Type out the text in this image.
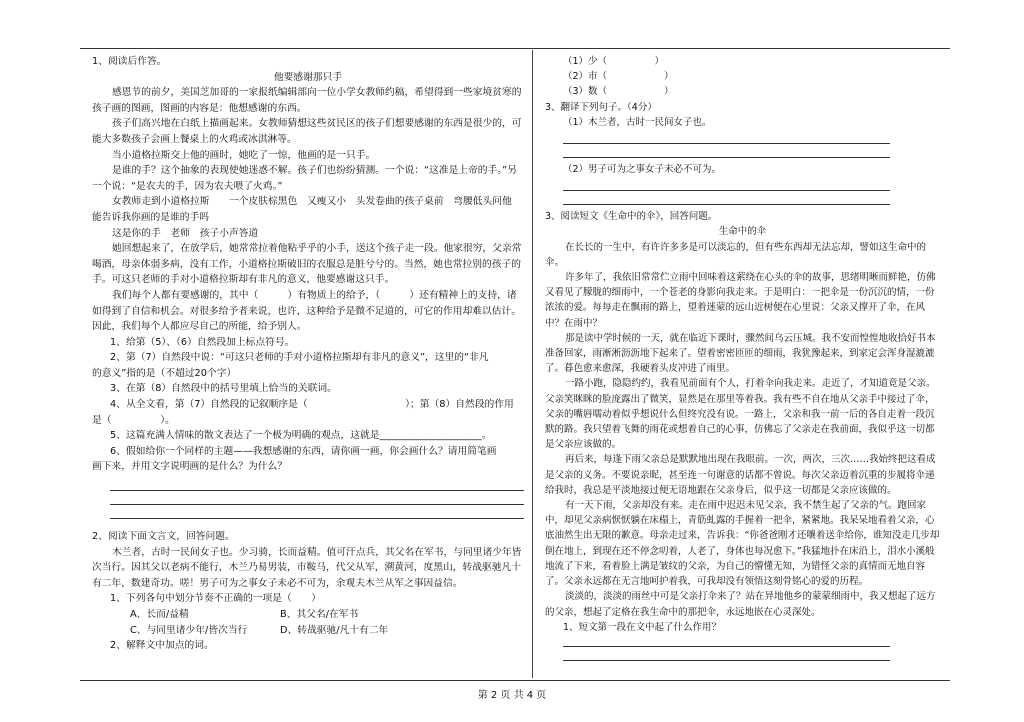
1、阅读后作答。

他要感谢那只手

感恩节的前夕，美国芝加哥的一家报纸编辑部向一位小学女教师约稿，希望得到一些家境贫寒的孩子画的图画，图画的内容是：他想感谢的东西。

孩子们高兴地在白纸上描画起来。女教师猜想这些贫民区的孩子们想要感谢的东西是很少的，可能大多数孩子会画上餐桌上的火鸡或冰淇淋等。

当小道格拉斯交上他的画时，她吃了一惊，他画的是一只手。

是谁的手？这个抽象的表现使她迷惑不解。孩子们也纷纷猜测。一个说：“这准是上帝的手。”另一个说：“是农夫的手，因为农夫喂了火鸡。”

女教师走到小道格拉斯　　一个皮肤棕黑色　又瘦又小　头发卷曲的孩子桌前　弯腰低头问他　　能告诉我你画的是谁的手吗

这是你的手　老师　孩子小声答道

她回想起来了，在放学后，她常常拉着他粘乎乎的小手，送这个孩子走一段。他家很穷，父亲常喝酒，母亲体弱多病，没有工作，小道格拉斯破旧的衣服总是脏兮兮的。当然，她也常拉别的孩子的手。可这只老师的手对小道格拉斯却有非凡的意义，他要感谢这只手。

我们每个人都有要感谢的，其中（　　　）有物质上的给予，（　　　）还有精神上的支持，诸如得到了自信和机会。对很多给予者来说，也许，这种给予是微不足道的，可它的作用却难以估计。因此，我们每个人都应尽自己的所能，给予别人。

1、给第（5）、（6）自然段加上标点符号。

2、第（7）自然段中说：“可这只老师的手对小道格拉斯却有非凡的意义”，这里的“非凡

的意义”指的是（不超过20个字）

3、在第（8）自然段中的括号里填上恰当的关联词。

4、从全文看，第（7）自然段的记叙顺序是（　　　　　　　　　　）；第（8）自然段的作用

是（　　　　　）。

5、这篇充满人情味的散文表达了一个极为明确的观点，这就是_____________________。

6、假如给你一个同样的主题——我想感谢的东西，请你画一画，你会画什么？请用简笔画

画下来，并用文字说明画的是什么？为什么？

2、阅读下面文言文，回答问题。

木兰者，古时一民间女子也。少习骑，长而益精。值可汗点兵，其父名在军书，与同里诸少年皆次当行。因其父以老病不能行，木兰乃易男装，市鞍马，代父从军，溯黄河，度黑山，转战驱驰凡十有二年，数建奇功。嗟！男子可为之事女子未必不可为，余观夫木兰从军之事因益信。

1、下列各句中划分节奏不正确的一项是（　　）

A、长而/益精	B、其父名/在军书

C、与同里诸少年/皆次当行	D、转战驱驰/凡十有二年

2、解释文中加点的词。

（1）少（　　　　　）

（2）市（　　　　　　）

（3）数（　　　　　　）

3、翻译下列句子。（4分）

（1）木兰者，古时一民间女子也。

（2）男子可为之事女子未必不可为。

3、阅读短文《生命中的伞》，回答问题。

生命中的伞

在长长的一生中，有许许多多是可以淡忘的，但有些东西却无法忘却，譬如这生命中的伞。

许多年了，我依旧常常伫立雨中回味着这萦绕在心头的伞的故事，思绪明晰而鲜艳，仿佛又看见了朦胧的细雨中，一个苍老的身影向我走来。于是明白：一把伞是一份沉沉的情，一份浓浓的爱。每每走在飘雨的路上，望着迷蒙的远山近树便在心里说：父亲又撑开了伞，在风中？在雨中？

那是读中学时候的一天，就在临近下课时，骤然间乌云压城。我不安而惶惶地收拾好书本准备回家，雨淅淅沥沥地下起来了。望着密密匝匝的细雨，我犹豫起来，到家定会浑身湿漉漉了。暮色愈来愈深，我硬着头皮冲进了雨里。

一路小跑，隐隐约约，我看见前面有个人，打着伞向我走来。走近了，才知道竟是父亲。父亲笑眯眯的脸庞露出了微笑，显然是在那里等着我。我有些不自在地从父亲手中接过了伞，父亲的嘴唇嚅动着似乎想说什么但终究没有说。一路上，父亲和我一前一后的各自走着一段沉默的路。我只望着飞舞的雨花或想着自己的心事，仿佛忘了父亲走在我前面，我似乎这一切都是父亲应该做的。

再后来，每逢下雨父亲总是默默地出现在我眼前。一次，两次，三次……我始终把这看成是父亲的义务。不要说亲昵，甚至连一句谢意的话都不曾说。每次父亲迈着沉重的步履将伞递给我时，我总是平淡地接过便无语地跟在父亲身后，似乎这一切都是父亲应该做的。

有一天下雨，父亲却没有来。走在雨中迟迟未见父亲，我不禁生起了父亲的气。跑回家中，却见父亲病恹恹躺在床榻上，青筋虬露的手握着一把伞，紧紧地。我呆呆地看着父亲，心底油然生出无限的歉意。母亲走过来，告诉我：“你爸爸刚才还嚷着送伞给你，谁知没走几步却倒在地上，到现在还不停念叨着，人老了，身体也每况愈下。”我猛地扑在床沿上，泪水小溪般地流了下来，看着脸上满是皱纹的父亲，为自己的懵懂无知，为错怪父亲的真情而无地自容了。父亲永远都在无言地呵护着我，可我却没有领悟这刻骨铭心的爱的历程。

淡淡的，淡淡的雨丝中可是父亲打伞来了？站在异地他乡的蒙蒙细雨中，我又想起了远方的父亲，想起了定格在我生命中的那把伞，永远地嵌在心灵深处。

1、短文第一段在文中起了什么作用？

第 2 页 共 4 页
